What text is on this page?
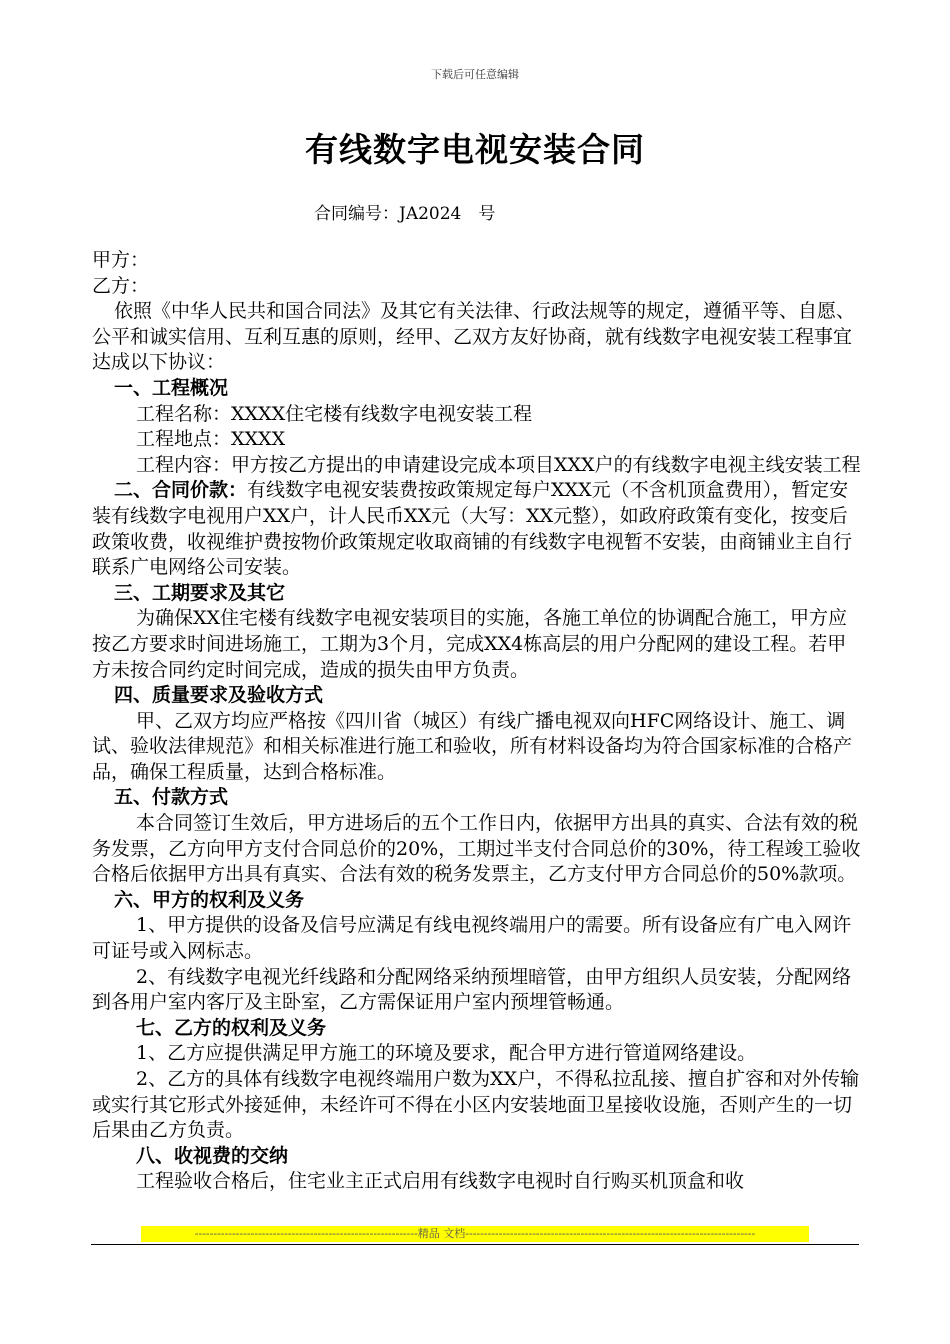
下载后可任意编辑
有线数字电视安装合同
合同编号：JA2024　号

甲方：

乙方：

依照《中华人民共和国合同法》及其它有关法律、行政法规等的规定，遵循平等、自愿、公平和诚实信用、互利互惠的原则，经甲、乙双方友好协商，就有线数字电视安装工程事宜达成以下协议：

一、工程概况

工程名称：XXXX住宅楼有线数字电视安装工程

工程地点：XXXX

工程内容：甲方按乙方提出的申请建设完成本项目XXX户的有线数字电视主线安装工程

二、合同价款：有线数字电视安装费按政策规定每户XXX元（不含机顶盒费用），暂定安装有线数字电视用户XX户，计人民币XX元（大写：XX元整），如政府政策有变化，按变后政策收费，收视维护费按物价政策规定收取商铺的有线数字电视暂不安装，由商铺业主自行联系广电网络公司安装。

三、工期要求及其它

为确保XX住宅楼有线数字电视安装项目的实施，各施工单位的协调配合施工，甲方应按乙方要求时间进场施工，工期为3个月，完成XX4栋高层的用户分配网的建设工程。若甲方未按合同约定时间完成，造成的损失由甲方负责。

四、质量要求及验收方式

甲、乙双方均应严格按《四川省（城区）有线广播电视双向HFC网络设计、施工、调试、验收法律规范》和相关标准进行施工和验收，所有材料设备均为符合国家标准的合格产品，确保工程质量，达到合格标准。

五、付款方式

本合同签订生效后，甲方进场后的五个工作日内，依据甲方出具的真实、合法有效的税务发票，乙方向甲方支付合同总价的20%，工期过半支付合同总价的30%，待工程竣工验收合格后依据甲方出具有真实、合法有效的税务发票主，乙方支付甲方合同总价的50%款项。

六、甲方的权利及义务

1、甲方提供的设备及信号应满足有线电视终端用户的需要。所有设备应有广电入网许可证号或入网标志。

2、有线数字电视光纤线路和分配网络采纳预埋暗管，由甲方组织人员安装，分配网络到各用户室内客厅及主卧室，乙方需保证用户室内预埋管畅通。

七、乙方的权利及义务

1、乙方应提供满足甲方施工的环境及要求，配合甲方进行管道网络建设。

2、乙方的具体有线数字电视终端用户数为XX户，不得私拉乱接、擅自扩容和对外传输或实行其它形式外接延伸，未经许可不得在小区内安装地面卫星接收设施，否则产生的一切后果由乙方负责。

八、收视费的交纳

工程验收合格后，住宅业主正式启用有线数字电视时自行购买机顶盒和收

------------------------------------------------------------精品 文档------------------------------------------------------------------------------
